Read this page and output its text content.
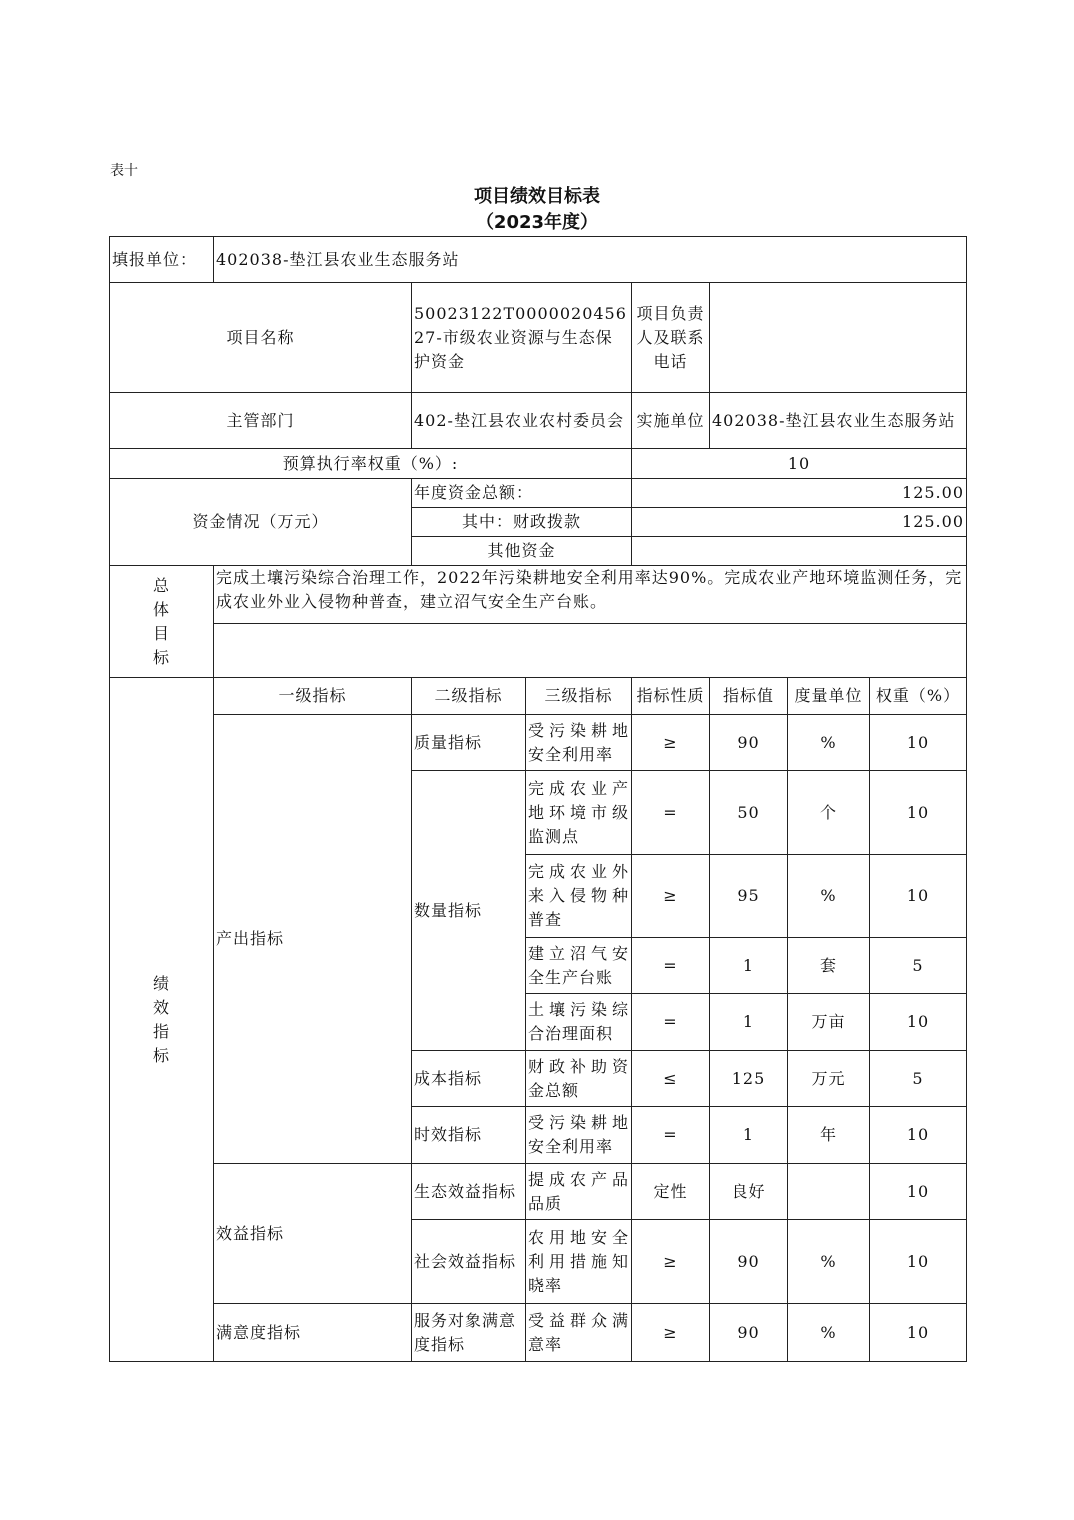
表十
项目绩效目标表
（2023年度）
填报单位：	402038-垫江县农业生态服务站						
项目名称		50023122T000002045627-市级农业资源与生态保护资金		项目负责人及联系电话			
主管部门		402-垫江县农业农村委员会		实施单位	402038-垫江县农业生态服务站		
预算执行率权重（%）:				10			
资金情况（万元）		年度资金总额：		125.00			
		其中：财政拨款		125.00			
		其他资金					
总体目标	完成土壤污染综合治理工作，2022年污染耕地安全利用率达90%。完成农业产地环境监测任务，完成农业外业入侵物种普查，建立沼气安全生产台账。						

绩效指标	一级指标	二级指标	三级指标	指标性质	指标值	度量单位	权重（%）
	产出指标	质量指标	受污染耕地安全利用率	≥	90	%	10
		数量指标	完成农业产地环境市级监测点	=	50	个	10
			完成农业外来入侵物种普查	≥	95	%	10
			建立沼气安全生产台账	=	1	套	5
			土壤污染综合治理面积	=	1	万亩	10
		成本指标	财政补助资金总额	≤	125	万元	5
		时效指标	受污染耕地安全利用率	=	1	年	10
	效益指标	生态效益指标	提成农产品品质	定性	良好		10
		社会效益指标	农用地安全利用措施知晓率	≥	90	%	10
	满意度指标	服务对象满意度指标	受益群众满意率	≥	90	%	10
